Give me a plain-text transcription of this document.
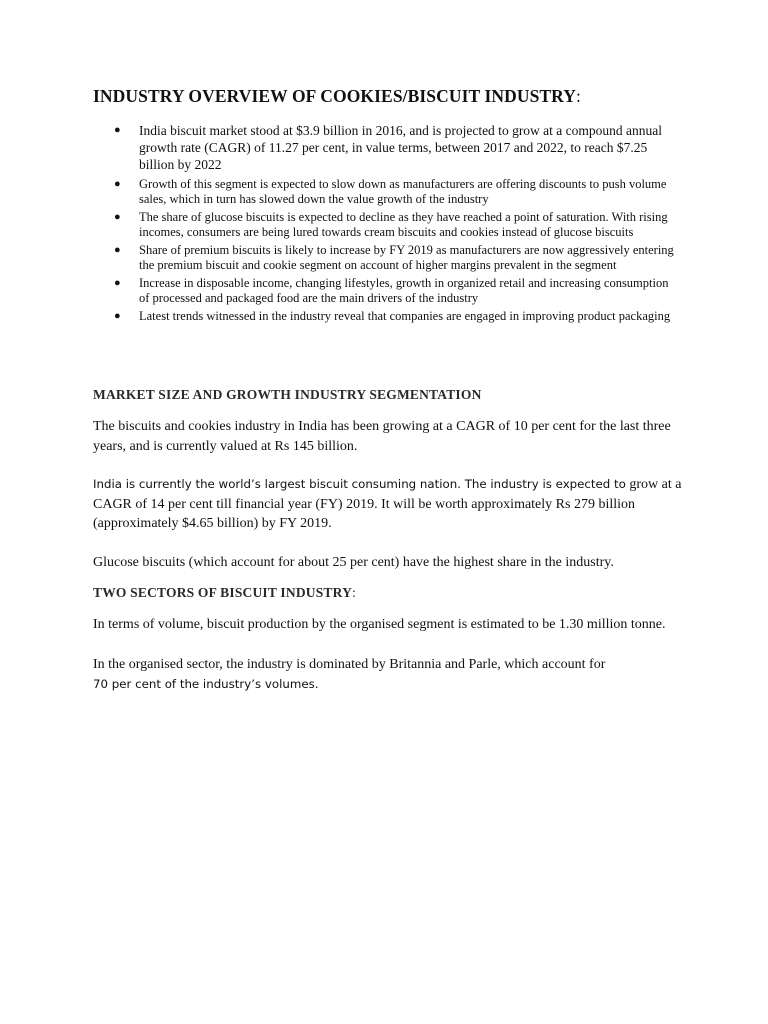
INDUSTRY OVERVIEW OF COOKIES/BISCUIT INDUSTRY:
● India biscuit market stood at $3.9 billion in 2016, and is projected to grow at a compound annual growth rate (CAGR) of 11.27 per cent, in value terms, between 2017 and 2022, to reach $7.25 billion by 2022
● Growth of this segment is expected to slow down as manufacturers are offering discounts to push volume sales, which in turn has slowed down the value growth of the industry
● The share of glucose biscuits is expected to decline as they have reached a point of saturation. With rising incomes, consumers are being lured towards cream biscuits and cookies instead of glucose biscuits
● Share of premium biscuits is likely to increase by FY 2019 as manufacturers are now aggressively entering the premium biscuit and cookie segment on account of higher margins prevalent in the segment
● Increase in disposable income, changing lifestyles, growth in organized retail and increasing consumption of processed and packaged food are the main drivers of the industry
● Latest trends witnessed in the industry reveal that companies are engaged in improving product packaging
MARKET SIZE AND GROWTH INDUSTRY SEGMENTATION

The biscuits and cookies industry in India has been growing at a CAGR of 10 per cent for the last three years, and is currently valued at Rs 145 billion.

India is currently the world’s largest biscuit consuming nation. The industry is expected to grow at a CAGR of 14 per cent till financial year (FY) 2019. It will be worth approximately Rs 279 billion (approximately $4.65 billion) by FY 2019.

Glucose biscuits (which account for about 25 per cent) have the highest share in the industry.

TWO SECTORS OF BISCUIT INDUSTRY:

In terms of volume, biscuit production by the organised segment is estimated to be 1.30 million tonne.

In the organised sector, the industry is dominated by Britannia and Parle, which account for
70 per cent of the industry’s volumes.
